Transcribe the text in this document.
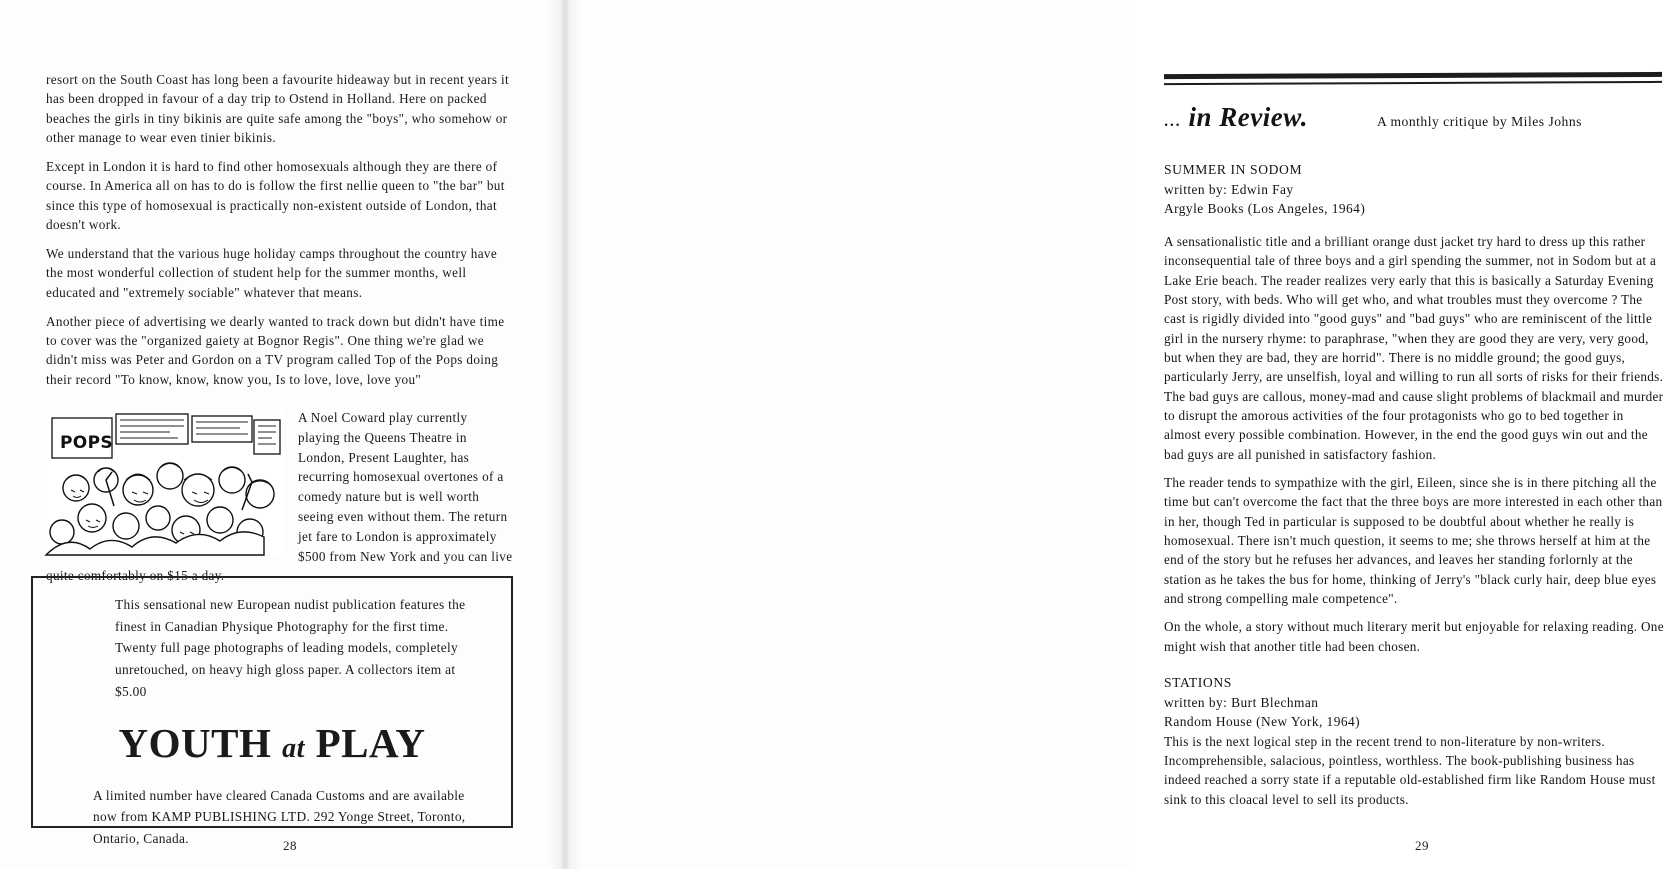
resort on the South Coast has long been a favourite hideaway but in recent years it has been dropped in favour of a day trip to Ostend in Holland. Here on packed beaches the girls in tiny bikinis are quite safe among the "boys", who somehow or other manage to wear even tinier bikinis.

Except in London it is hard to find other homosexuals although they are there of course. In America all on has to do is follow the first nellie queen to "the bar" but since this type of homosexual is practically non-existent outside of London, that doesn't work.

We understand that the various huge holiday camps throughout the country have the most wonderful collection of student help for the summer months, well educated and "extremely sociable" whatever that means.

Another piece of advertising we dearly wanted to track down but didn't have time to cover was the "organized gaiety at Bognor Regis". One thing we're glad we didn't miss was Peter and Gordon on a TV program called Top of the Pops doing their record "To know, know, know you, Is to love, love, love you"

POPS
A Noel Coward play currently playing the Queens Theatre in London, Present Laughter, has recurring homosexual overtones of a comedy nature but is well worth seeing even without them. The return jet fare to London is approximately $500 from New York and you can live quite comfortably on $15 a day.
This sensational new European nudist publication features the finest in Canadian Physique Photography for the first time. Twenty full page photographs of leading models, completely unretouched, on heavy high gloss paper. A collectors item at $5.00
YOUTH at PLAY
A limited number have cleared Canada Customs and are available now from KAMP PUBLISHING LTD. 292 Yonge Street, Toronto, Ontario, Canada.	28
... in Review.	A monthly critique by Miles Johns
SUMMER IN SODOM
written by: Edwin Fay
Argyle Books (Los Angeles, 1964)

A sensationalistic title and a brilliant orange dust jacket try hard to dress up this rather inconsequential tale of three boys and a girl spending the summer, not in Sodom but at a Lake Erie beach. The reader realizes very early that this is basically a Saturday Evening Post story, with beds. Who will get who, and what troubles must they overcome ? The cast is rigidly divided into "good guys" and "bad guys" who are reminiscent of the little girl in the nursery rhyme: to paraphrase, "when they are good they are very, very good, but when they are bad, they are horrid". There is no middle ground; the good guys, particularly Jerry, are unselfish, loyal and willing to run all sorts of risks for their friends. The bad guys are callous, money-mad and cause slight problems of blackmail and murder to disrupt the amorous activities of the four protagonists who go to bed together in almost every possible combination. However, in the end the good guys win out and the bad guys are all punished in satisfactory fashion.

The reader tends to sympathize with the girl, Eileen, since she is in there pitching all the time but can't overcome the fact that the three boys are more interested in each other than in her, though Ted in particular is supposed to be doubtful about whether he really is homosexual. There isn't much question, it seems to me; she throws herself at him at the end of the story but he refuses her advances, and leaves her standing forlornly at the station as he takes the bus for home, thinking of Jerry's "black curly hair, deep blue eyes and strong compelling male competence".

On the whole, a story without much literary merit but enjoyable for relaxing reading. One might wish that another title had been chosen.

STATIONS
written by: Burt Blechman
Random House (New York, 1964)

This is the next logical step in the recent trend to non-literature by non-writers. Incomprehensible, salacious, pointless, worthless. The book-publishing business has indeed reached a sorry state if a reputable old-established firm like Random House must sink to this cloacal level to sell its products.

29
